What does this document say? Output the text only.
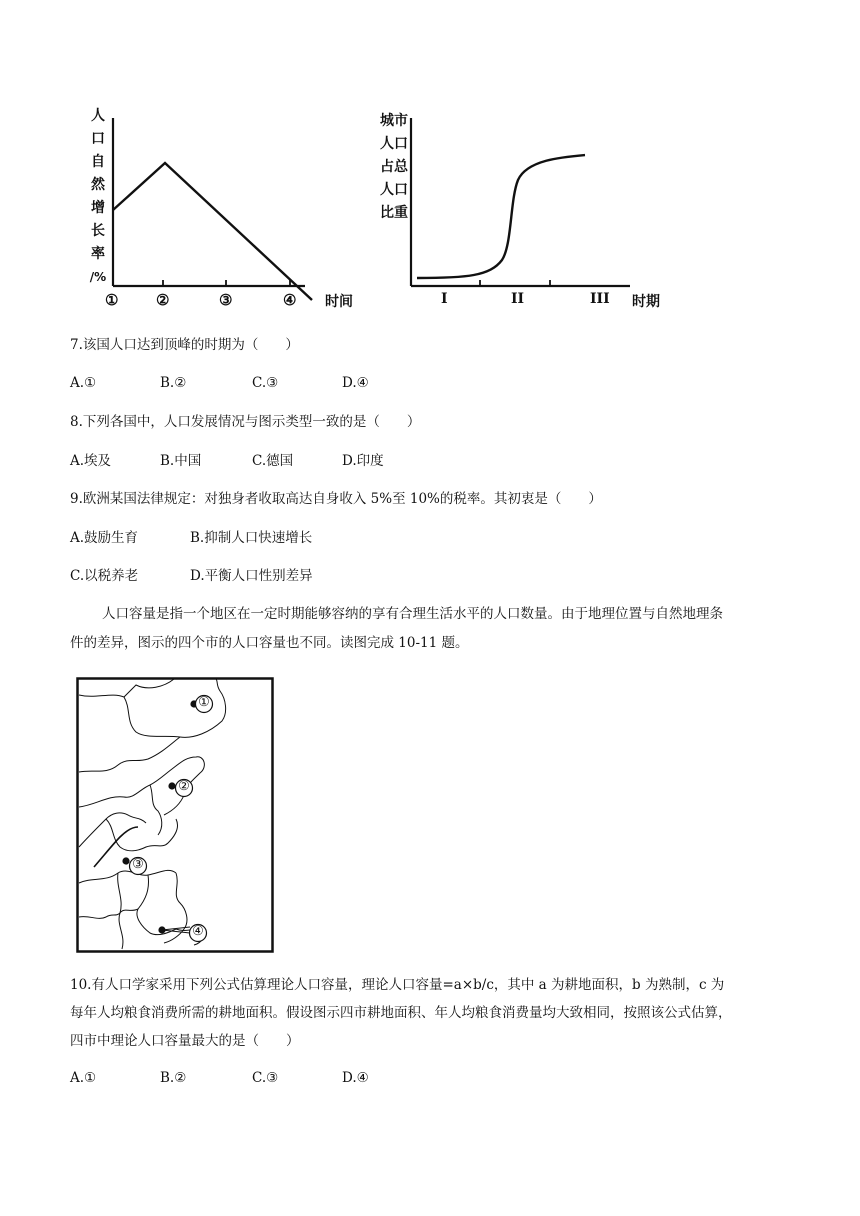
人
口
自
然
增
长
率
/%
①	②	③	④ 时间
城市
人口
占总
人口
比重
I	II	III 时期
7.该国人口达到顶峰的时期为（　　）
A.①	B.②	C.③	D.④
8.下列各国中，人口发展情况与图示类型一致的是（　　）
A.埃及	B.中国	C.德国	D.印度
9.欧洲某国法律规定：对独身者收取高达自身收入 5%至 10%的税率。其初衷是（　　）
A.鼓励生育	B.抑制人口快速增长
C.以税养老	D.平衡人口性别差异
人口容量是指一个地区在一定时期能够容纳的享有合理生活水平的人口数量。由于地理位置与自然地理条
件的差异，图示的四个市的人口容量也不同。读图完成 10-11 题。
①
②
③
④
10.有人口学家采用下列公式估算理论人口容量，理论人口容量=a×b/c，其中 a 为耕地面积，b 为熟制，c 为
每年人均粮食消费所需的耕地面积。假设图示四市耕地面积、年人均粮食消费量均大致相同，按照该公式估算，
四市中理论人口容量最大的是（　　）
A.①	B.②	C.③	D.④
